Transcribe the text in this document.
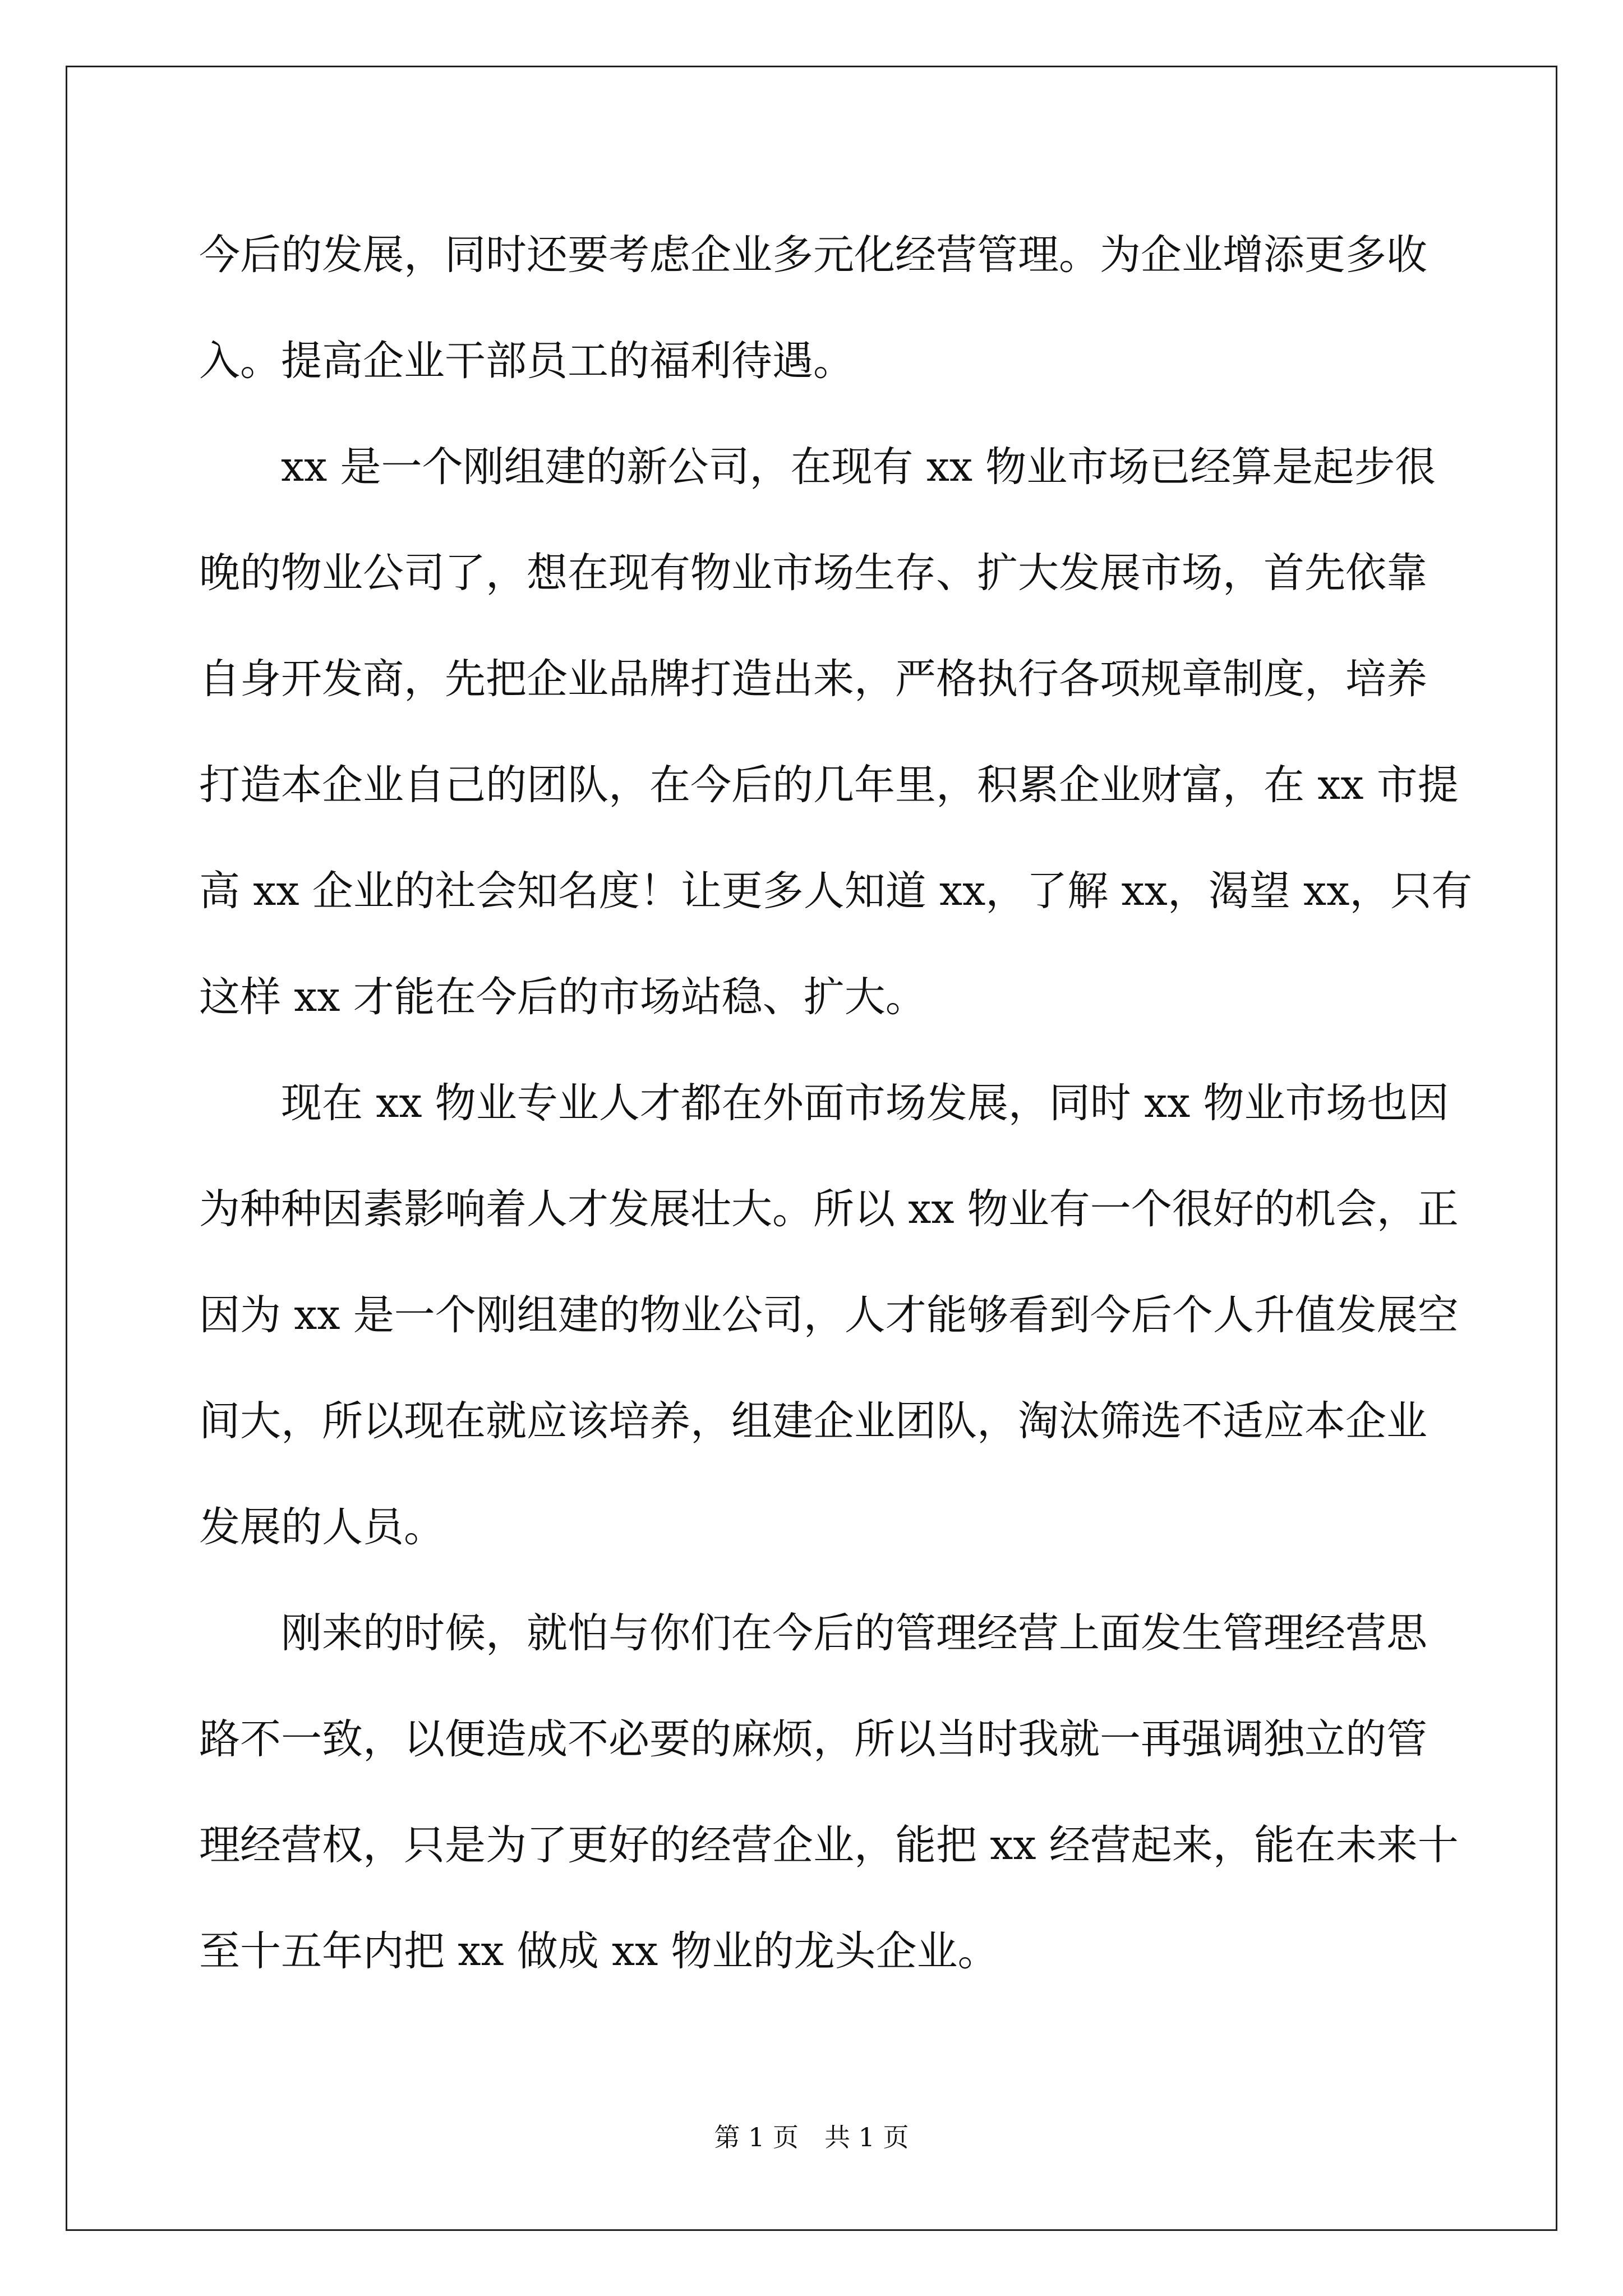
今后的发展，同时还要考虑企业多元化经营管理。为企业增添更多收
入。提高企业干部员工的福利待遇。
xx 是一个刚组建的新公司，在现有 xx 物业市场已经算是起步很
晚的物业公司了，想在现有物业市场生存、扩大发展市场，首先依靠
自身开发商，先把企业品牌打造出来，严格执行各项规章制度，培养
打造本企业自己的团队，在今后的几年里，积累企业财富，在 xx 市提
高 xx 企业的社会知名度！让更多人知道 xx，了解 xx，渴望 xx，只有
这样 xx 才能在今后的市场站稳、扩大。
现在 xx 物业专业人才都在外面市场发展，同时 xx 物业市场也因
为种种因素影响着人才发展壮大。所以 xx 物业有一个很好的机会，正
因为 xx 是一个刚组建的物业公司，人才能够看到今后个人升值发展空
间大，所以现在就应该培养，组建企业团队，淘汰筛选不适应本企业
发展的人员。
刚来的时候，就怕与你们在今后的管理经营上面发生管理经营思
路不一致，以便造成不必要的麻烦，所以当时我就一再强调独立的管
理经营权，只是为了更好的经营企业，能把 xx 经营起来，能在未来十
至十五年内把 xx 做成 xx 物业的龙头企业。
第 1 页　共 1 页
